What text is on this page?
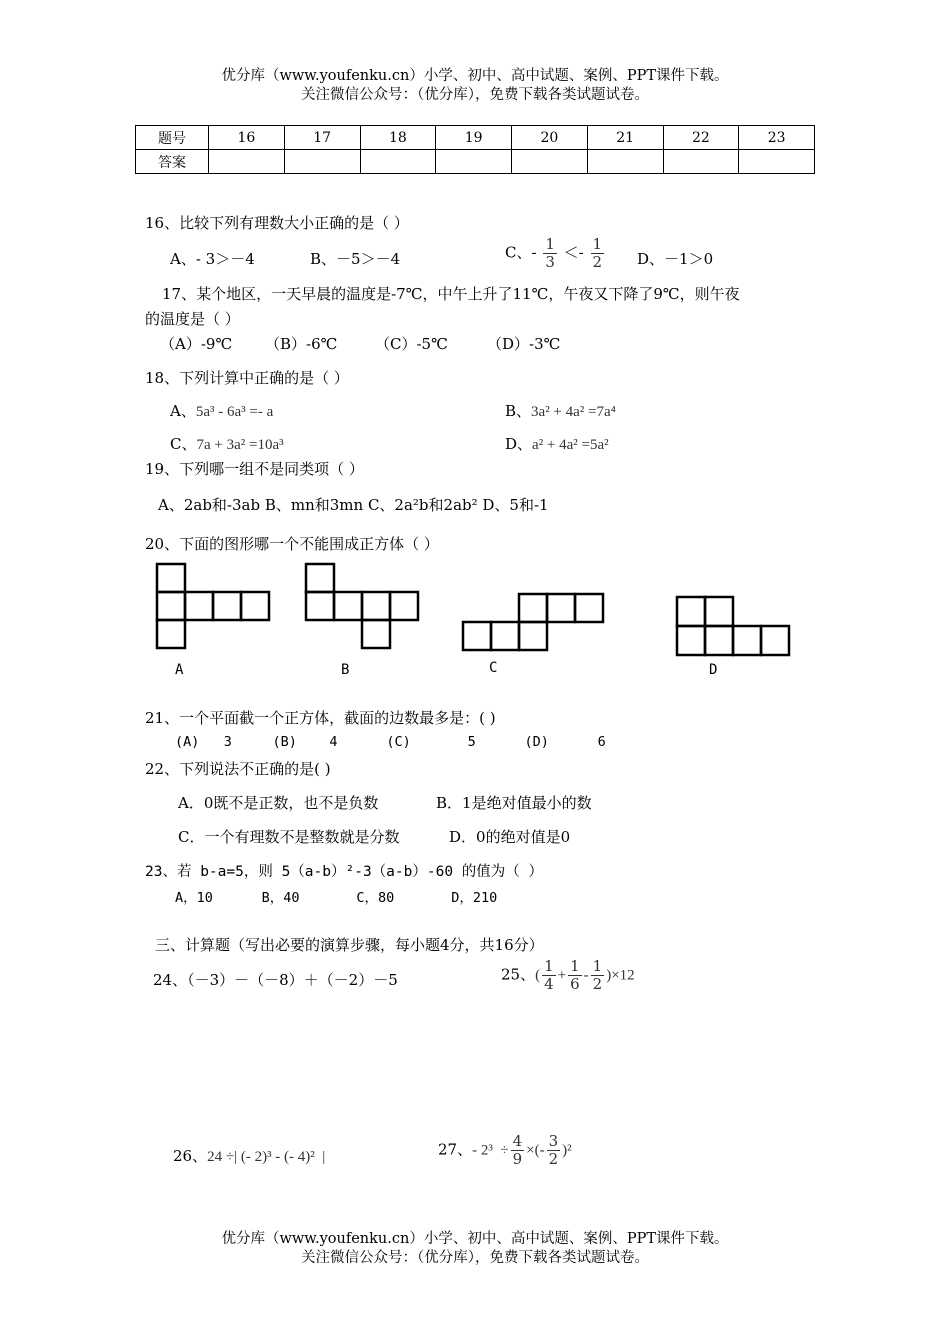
优分库（www.youfenku.cn）小学、初中、高中试题、案例、PPT课件下载。
关注微信公众号：（优分库），免费下载各类试题试卷。
题号	16	17	18	19	20	21	22	23
答案								
16、比较下列有理数大小正确的是（ ）
A、- 3＞－4	B、－5＞－4	C、- $\frac{1}{3} <- \frac{1}{2}$ D、－1＞0
17、某个地区，一天早晨的温度是-7℃，中午上升了11℃，午夜又下降了9℃，则午夜
的温度是（ ）
（A）-9℃ （B）-6℃	（C）-5℃	（D）-3℃
18、下列计算中正确的是（ ）
A、5a³ - 6a³ =- a	B、3a² + 4a² =7a⁴
C、7a + 3a² =10a³	D、a² + 4a² =5a²
19、下列哪一组不是同类项（ ）
A、2ab和-3ab B、mn和3mn C、2a²b和2ab² D、5和-1
20、下面的图形哪一个不能围成正方体（ ）
A	B	C	D
21、一个平面截一个正方体，截面的边数最多是：( )
(A)   3     (B)    4      (C)       5      (D)      6
22、下列说法不正确的是( )
A．0既不是正数，也不是负数	B．1是绝对值最小的数
C．一个有理数不是整数就是分数	D．0的绝对值是0
23、若 b-a=5，则 5（a-b）²-3（a-b）-60 的值为（ ）
A，10      B，40       C，80       D，210
三、计算题（写出必要的演算步骤，每小题4分，共16分）
24、（－3）－（－8）＋（－2）－5	25、( $\frac{1}{4} + \frac{1}{6} - \frac{1}{2} )\times 12$
26、24 ÷| (- 2)³ - (- 4)²  |	27、- $2^3 \div \frac{4}{9}$ ×(- $\frac{3}{2} )^2$
优分库（www.youfenku.cn）小学、初中、高中试题、案例、PPT课件下载。
关注微信公众号：（优分库），免费下载各类试题试卷。
